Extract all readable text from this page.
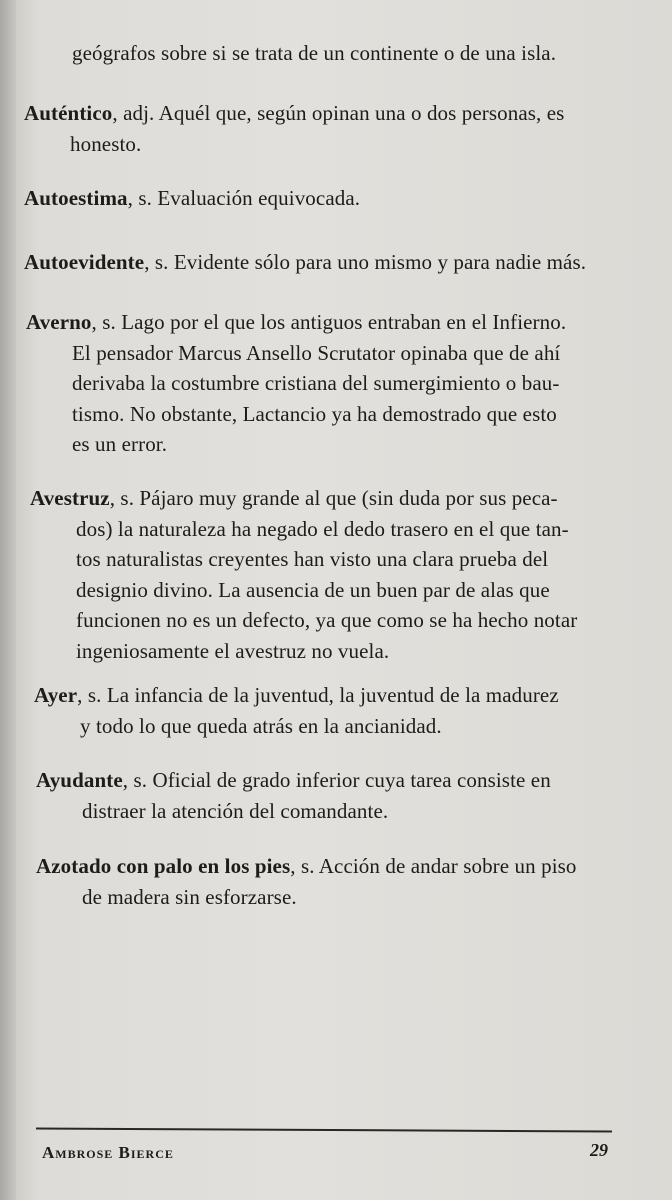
geógrafos sobre si se trata de un continente o de una isla.
Auténtico, adj. Aquél que, según opinan una o dos personas, es
honesto.
Autoestima, s. Evaluación equivocada.
Autoevidente, s. Evidente sólo para uno mismo y para nadie más.
Averno, s. Lago por el que los antiguos entraban en el Infierno.
El pensador Marcus Ansello Scrutator opinaba que de ahí
derivaba la costumbre cristiana del sumergimiento o bau-
tismo. No obstante, Lactancio ya ha demostrado que esto
es un error.
Avestruz, s. Pájaro muy grande al que (sin duda por sus peca-
dos) la naturaleza ha negado el dedo trasero en el que tan-
tos naturalistas creyentes han visto una clara prueba del
designio divino. La ausencia de un buen par de alas que
funcionen no es un defecto, ya que como se ha hecho notar
ingeniosamente el avestruz no vuela.
Ayer, s. La infancia de la juventud, la juventud de la madurez
y todo lo que queda atrás en la ancianidad.
Ayudante, s. Oficial de grado inferior cuya tarea consiste en
distraer la atención del comandante.
Azotado con palo en los pies, s. Acción de andar sobre un piso
de madera sin esforzarse.
Ambrose Bierce	29
